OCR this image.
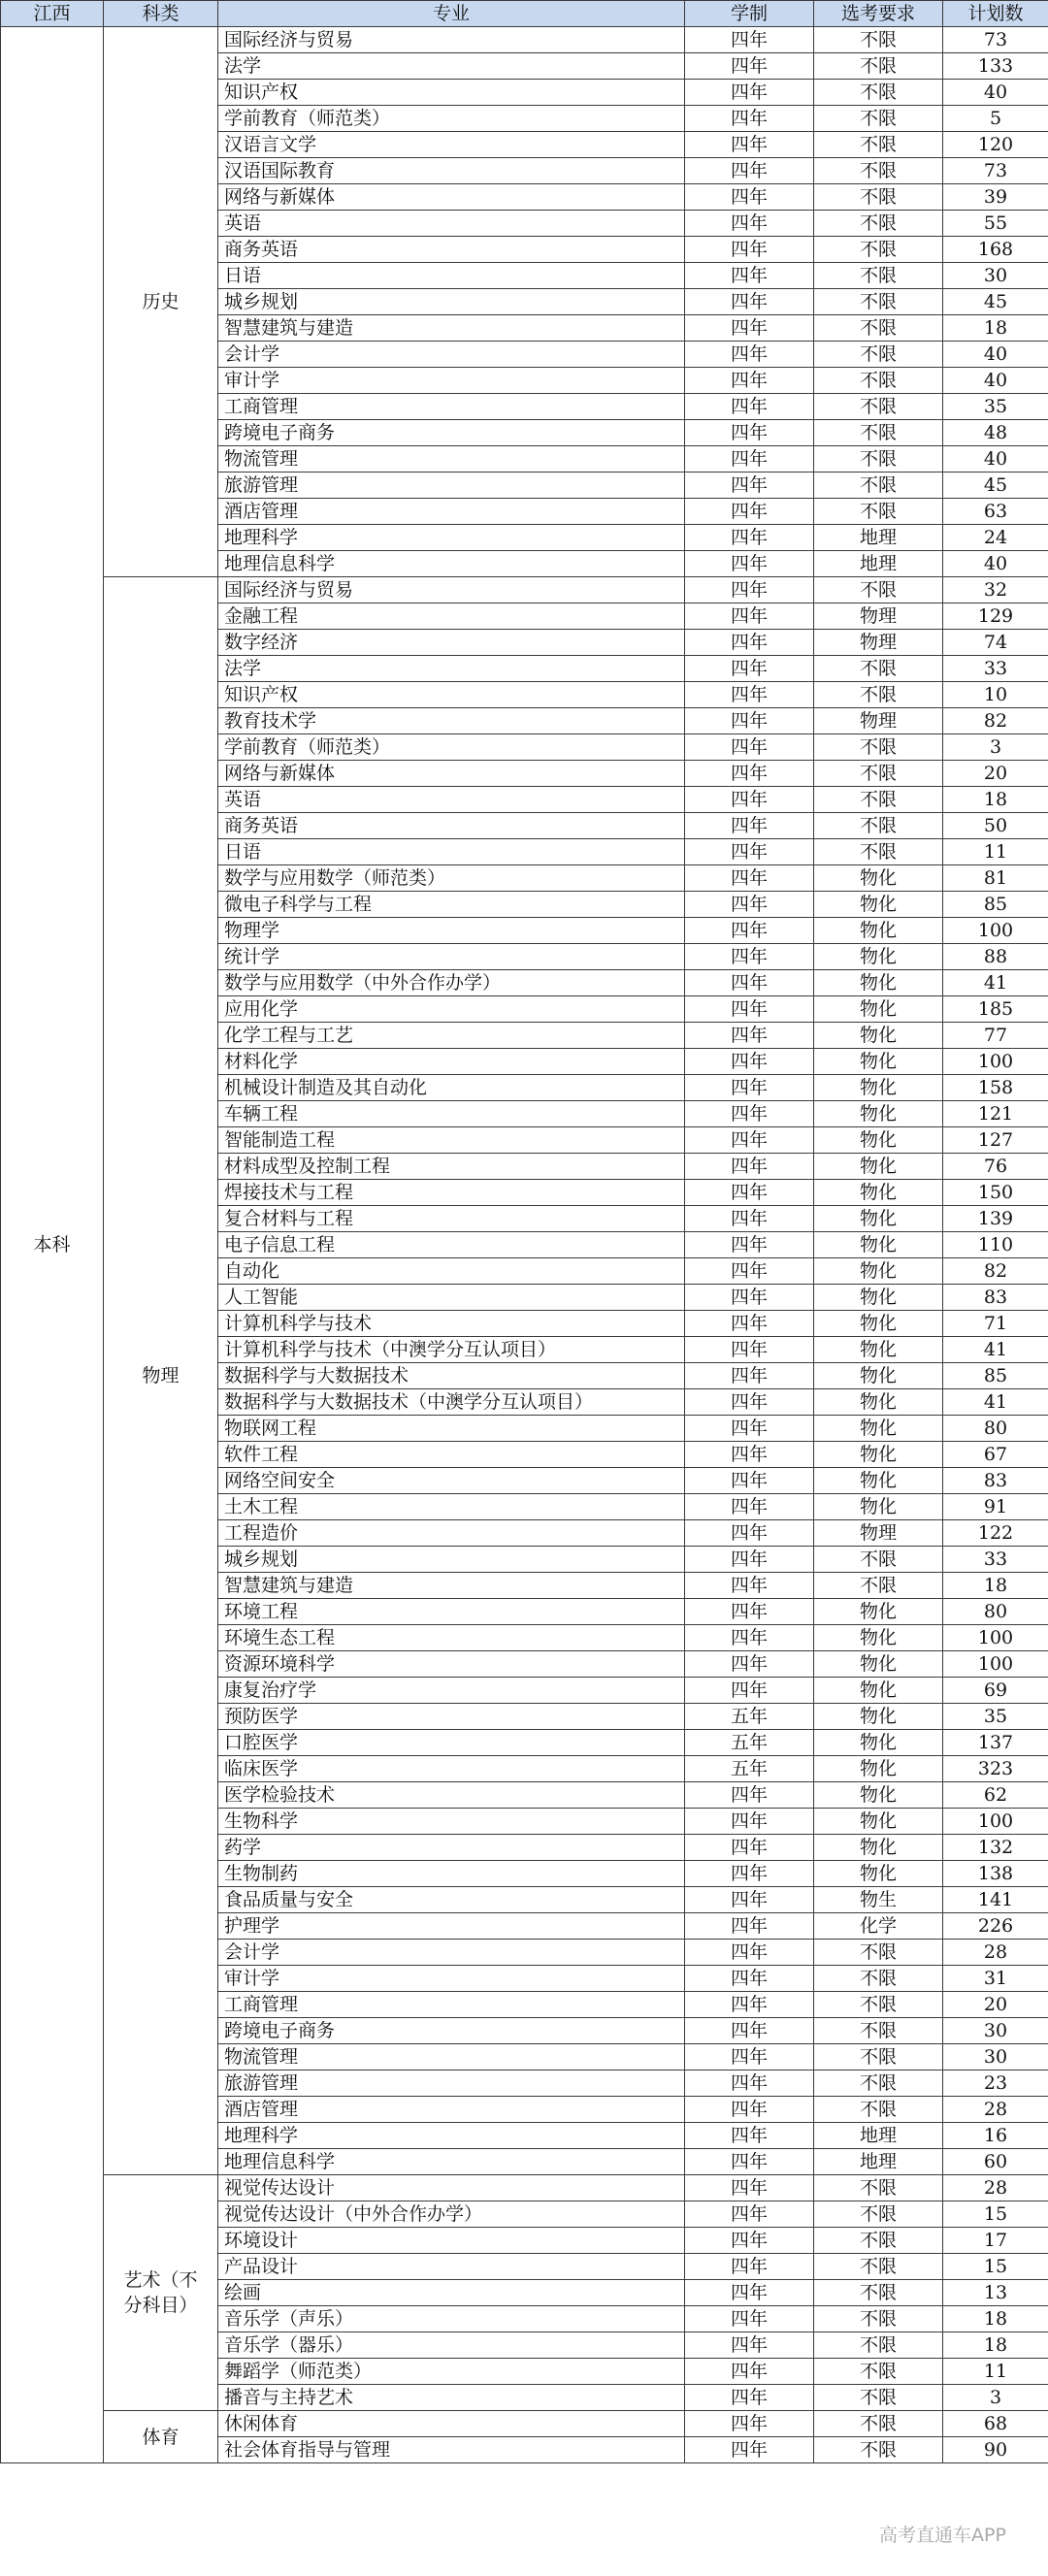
江西	科类	专业	学制	选考要求	计划数
本科	历史	国际经济与贸易	四年	不限	73
		法学	四年	不限	133
		知识产权	四年	不限	40
		学前教育（师范类）	四年	不限	5
		汉语言文学	四年	不限	120
		汉语国际教育	四年	不限	73
		网络与新媒体	四年	不限	39
		英语	四年	不限	55
		商务英语	四年	不限	168
		日语	四年	不限	30
		城乡规划	四年	不限	45
		智慧建筑与建造	四年	不限	18
		会计学	四年	不限	40
		审计学	四年	不限	40
		工商管理	四年	不限	35
		跨境电子商务	四年	不限	48
		物流管理	四年	不限	40
		旅游管理	四年	不限	45
		酒店管理	四年	不限	63
		地理科学	四年	地理	24
		地理信息科学	四年	地理	40
	物理	国际经济与贸易	四年	不限	32
		金融工程	四年	物理	129
		数字经济	四年	物理	74
		法学	四年	不限	33
		知识产权	四年	不限	10
		教育技术学	四年	物理	82
		学前教育（师范类）	四年	不限	3
		网络与新媒体	四年	不限	20
		英语	四年	不限	18
		商务英语	四年	不限	50
		日语	四年	不限	11
		数学与应用数学（师范类）	四年	物化	81
		微电子科学与工程	四年	物化	85
		物理学	四年	物化	100
		统计学	四年	物化	88
		数学与应用数学（中外合作办学）	四年	物化	41
		应用化学	四年	物化	185
		化学工程与工艺	四年	物化	77
		材料化学	四年	物化	100
		机械设计制造及其自动化	四年	物化	158
		车辆工程	四年	物化	121
		智能制造工程	四年	物化	127
		材料成型及控制工程	四年	物化	76
		焊接技术与工程	四年	物化	150
		复合材料与工程	四年	物化	139
		电子信息工程	四年	物化	110
		自动化	四年	物化	82
		人工智能	四年	物化	83
		计算机科学与技术	四年	物化	71
		计算机科学与技术（中澳学分互认项目）	四年	物化	41
		数据科学与大数据技术	四年	物化	85
		数据科学与大数据技术（中澳学分互认项目）	四年	物化	41
		物联网工程	四年	物化	80
		软件工程	四年	物化	67
		网络空间安全	四年	物化	83
		土木工程	四年	物化	91
		工程造价	四年	物理	122
		城乡规划	四年	不限	33
		智慧建筑与建造	四年	不限	18
		环境工程	四年	物化	80
		环境生态工程	四年	物化	100
		资源环境科学	四年	物化	100
		康复治疗学	四年	物化	69
		预防医学	五年	物化	35
		口腔医学	五年	物化	137
		临床医学	五年	物化	323
		医学检验技术	四年	物化	62
		生物科学	四年	物化	100
		药学	四年	物化	132
		生物制药	四年	物化	138
		食品质量与安全	四年	物生	141
		护理学	四年	化学	226
		会计学	四年	不限	28
		审计学	四年	不限	31
		工商管理	四年	不限	20
		跨境电子商务	四年	不限	30
		物流管理	四年	不限	30
		旅游管理	四年	不限	23
		酒店管理	四年	不限	28
		地理科学	四年	地理	16
		地理信息科学	四年	地理	60
	艺术（不分科目）	视觉传达设计	四年	不限	28
		视觉传达设计（中外合作办学）	四年	不限	15
		环境设计	四年	不限	17
		产品设计	四年	不限	15
		绘画	四年	不限	13
		音乐学（声乐）	四年	不限	18
		音乐学（器乐）	四年	不限	18
		舞蹈学（师范类）	四年	不限	11
		播音与主持艺术	四年	不限	3
	体育	休闲体育	四年	不限	68
		社会体育指导与管理	四年	不限	90
高考直通车APP
